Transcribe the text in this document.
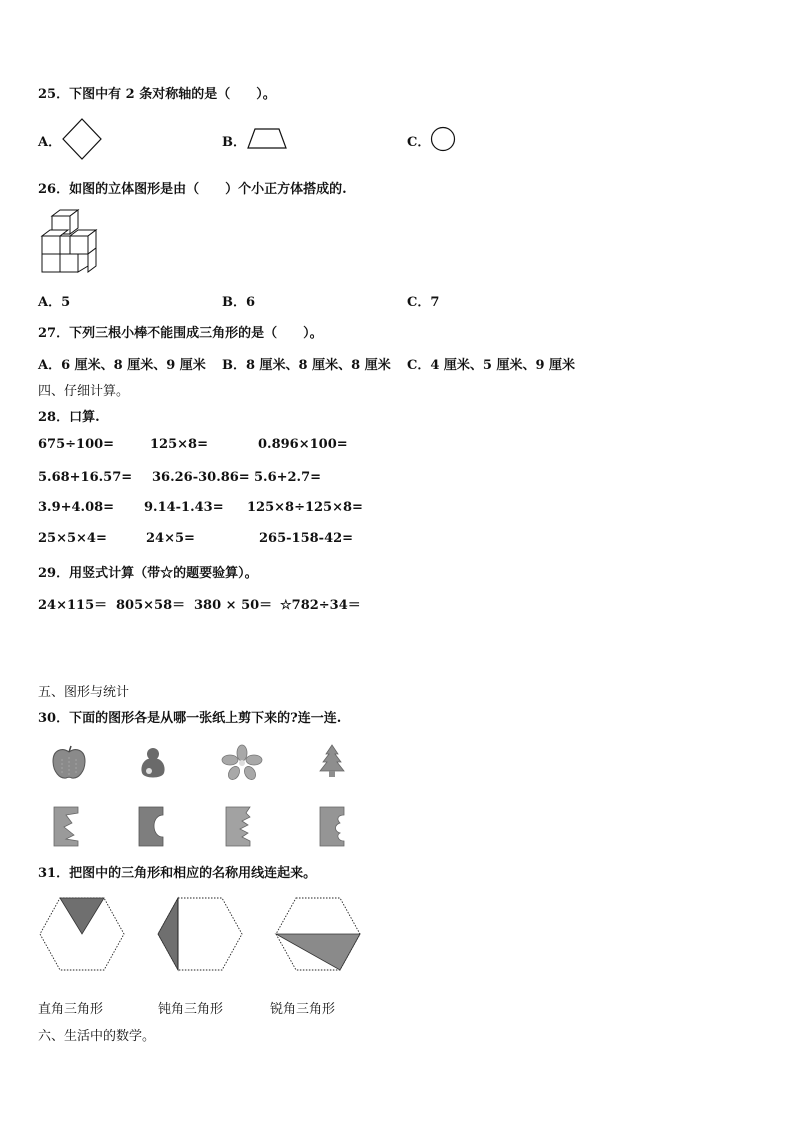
25．下图中有 2 条对称轴的是（　　）。
A．	B．	C．
26．如图的立体图形是由（　　）个小正方体搭成的.
A．5	B．6	C．7
27．下列三根小棒不能围成三角形的是（　　）。
A．6 厘米、8 厘米、9 厘米 B．8 厘米、8 厘米、8 厘米 C．4 厘米、5 厘米、9 厘米
四、仔细计算。
28．口算.
675÷100=	125×8=	0.896×100=
5.68+16.57= 36.26-30.86= 5.6+2.7=
3.9+4.08= 9.14-1.43= 125×8÷125×8=
25×5×4=	24×5=	265-158-42=
29．用竖式计算（带☆的题要验算）。
24×115＝ 805×58＝ 380 × 50＝ ☆782÷34＝
五、图形与统计
30．下面的图形各是从哪一张纸上剪下来的?连一连.
31．把图中的三角形和相应的名称用线连起来。
直角三角形	钝角三角形	锐角三角形
六、生活中的数学。
